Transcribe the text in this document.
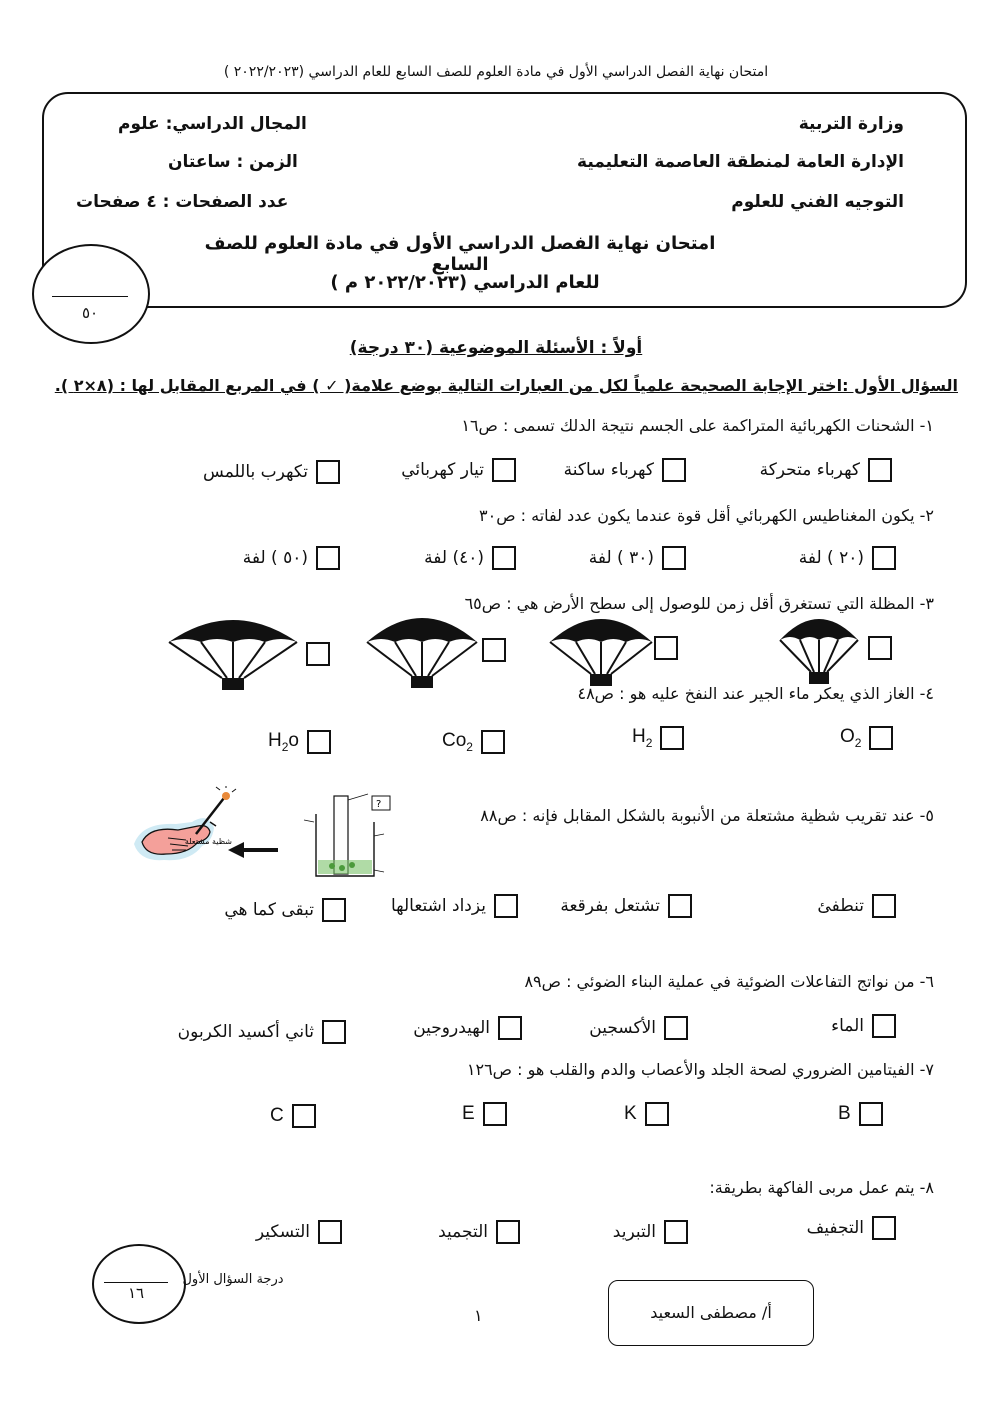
امتحان نهاية الفصل الدراسي الأول في مادة العلوم للصف السابع للعام الدراسي (٢٠٢٢/٢٠٢٣ )
وزارة التربية
الإدارة العامة لمنطقة العاصمة التعليمية
التوجيه الفني للعلوم
المجال الدراسي: علوم
الزمن : ساعتان
عدد الصفحات : ٤ صفحات
امتحان نهاية الفصل الدراسي الأول في مادة العلوم للصف السابع
للعام الدراسي (٢٠٢٢/٢٠٢٣ م )
٥٠
أولاً : الأسئلة الموضوعية (٣٠ درجة)
السؤال الأول :اختر الإجابة الصحيحة علمياً لكل من العبارات التالية بوضع علامة( ✓ ) في المربع المقابل لها : (٨×٢ ).
١- الشحنات الكهربائية المتراكمة على الجسم نتيجة الدلك تسمى : ص١٦
كهرباء متحركة
كهرباء ساكنة
تيار كهربائي
تكهرب باللمس
٢- يكون المغناطيس الكهربائي أقل قوة عندما يكون عدد لفاته : ص٣٠
(٢٠ ) لفة
(٣٠ ) لفة
(٤٠) لفة
(٥٠ ) لفة
٣- المظلة التي تستغرق أقل زمن للوصول إلى سطح الأرض هي : ص٦٥
٤- الغاز الذي يعكر ماء الجير عند النفخ عليه هو : ص٤٨
$O_2$
$H_2$
$Co_2$
$H_2o$
٥- عند تقريب شظية مشتعلة من الأنبوبة بالشكل المقابل فإنه : ص٨٨
?
شظية مشتعلة
تنطفئ
تشتعل بفرقعة
يزداد اشتعالها
تبقى كما هي
٦- من نواتج التفاعلات الضوئية في عملية البناء الضوئي : ص٨٩
الماء
الأكسجين
الهيدروجين
ثاني أكسيد الكربون
٧- الفيتامين الضروري لصحة الجلد والأعصاب والدم والقلب هو : ص١٢٦
B
K
E
C
٨- يتم عمل مربى الفاكهة بطريقة:
التجفيف
التبريد
التجميد
التسكير
١٦
درجة السؤال الأول
١	أ/ مصطفى السعيد
